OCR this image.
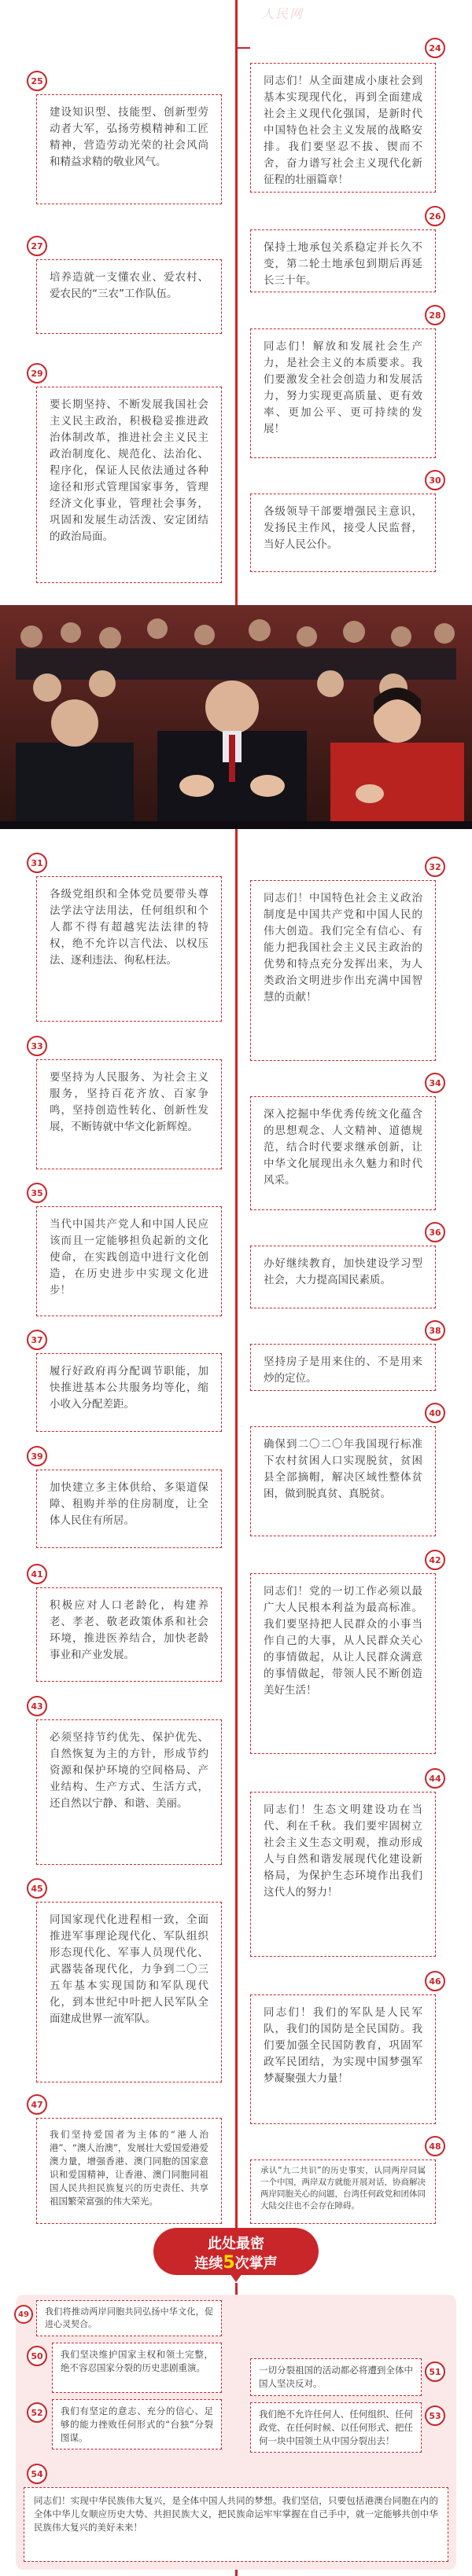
人民网
24
同志们！从全面建成小康社会到基本实现现代化，再到全面建成社会主义现代化强国，是新时代中国特色社会主义发展的战略安排。我们要坚忍不拔、锲而不舍，奋力谱写社会主义现代化新征程的壮丽篇章！
25
建设知识型、技能型、创新型劳动者大军，弘扬劳模精神和工匠精神，营造劳动光荣的社会风尚和精益求精的敬业风气。
26
保持土地承包关系稳定并长久不变，第二轮土地承包到期后再延长三十年。
27
培养造就一支懂农业、爱农村、爱农民的“三农”工作队伍。
28
同志们！解放和发展社会生产力，是社会主义的本质要求。我们要激发全社会创造力和发展活力，努力实现更高质量、更有效率、更加公平、更可持续的发展！
29
要长期坚持、不断发展我国社会主义民主政治，积极稳妥推进政治体制改革，推进社会主义民主政治制度化、规范化、法治化、程序化，保证人民依法通过各种途径和形式管理国家事务，管理经济文化事业，管理社会事务，巩固和发展生动活泼、安定团结的政治局面。
30
各级领导干部要增强民主意识，发扬民主作风，接受人民监督，当好人民公仆。
31
各级党组织和全体党员要带头尊法学法守法用法，任何组织和个人都不得有超越宪法法律的特权，绝不允许以言代法、以权压法、逐利违法、徇私枉法。
32
同志们！中国特色社会主义政治制度是中国共产党和中国人民的伟大创造。我们完全有信心、有能力把我国社会主义民主政治的优势和特点充分发挥出来，为人类政治文明进步作出充满中国智慧的贡献！
33
要坚持为人民服务、为社会主义服务，坚持百花齐放、百家争鸣，坚持创造性转化、创新性发展，不断铸就中华文化新辉煌。
34
深入挖掘中华优秀传统文化蕴含的思想观念、人文精神、道德规范，结合时代要求继承创新，让中华文化展现出永久魅力和时代风采。
35
当代中国共产党人和中国人民应该而且一定能够担负起新的文化使命，在实践创造中进行文化创造，在历史进步中实现文化进步！
36
办好继续教育，加快建设学习型社会，大力提高国民素质。
37
履行好政府再分配调节职能，加快推进基本公共服务均等化，缩小收入分配差距。
38
坚持房子是用来住的、不是用来炒的定位。
39
加快建立多主体供给、多渠道保障、租购并举的住房制度，让全体人民住有所居。
40
确保到二〇二〇年我国现行标准下农村贫困人口实现脱贫，贫困县全部摘帽，解决区域性整体贫困，做到脱真贫、真脱贫。
41
积极应对人口老龄化，构建养老、孝老、敬老政策体系和社会环境，推进医养结合，加快老龄事业和产业发展。
42
同志们！党的一切工作必须以最广大人民根本利益为最高标准。我们要坚持把人民群众的小事当作自己的大事，从人民群众关心的事情做起，从让人民群众满意的事情做起，带领人民不断创造美好生活！
43
必须坚持节约优先、保护优先、自然恢复为主的方针，形成节约资源和保护环境的空间格局、产业结构、生产方式、生活方式，还自然以宁静、和谐、美丽。
44
同志们！生态文明建设功在当代、利在千秋。我们要牢固树立社会主义生态文明观，推动形成人与自然和谐发展现代化建设新格局，为保护生态环境作出我们这代人的努力！
45
同国家现代化进程相一致，全面推进军事理论现代化、军队组织形态现代化、军事人员现代化、武器装备现代化，力争到二〇三五年基本实现国防和军队现代化，到本世纪中叶把人民军队全面建成世界一流军队。
46
同志们！我们的军队是人民军队，我们的国防是全民国防。我们要加强全民国防教育，巩固军政军民团结，为实现中国梦强军梦凝聚强大力量！
47
48
我们坚持爱国者为主体的“港人治港”、“澳人治澳”，发展壮大爱国爱港爱澳力量，增强香港、澳门同胞的国家意识和爱国精神，让香港、澳门同胞同祖国人民共担民族复兴的历史责任、共享祖国繁荣富强的伟大荣光。
承认“九二共识”的历史事实，认同两岸同属一个中国，两岸双方就能开展对话，协商解决两岸同胞关心的问题，台湾任何政党和团体同大陆交往也不会存在障碍。
此处最密
连续5次掌声
我们将推动两岸同胞共同弘扬中华文化，促进心灵契合。
49
50	我们坚决维护国家主权和领土完整，绝不容忍国家分裂的历史悲剧重演。	51
一切分裂祖国的活动都必将遭到全体中国人坚决反对。
52	我们有坚定的意志、充分的信心、足够的能力挫败任何形式的“台独”分裂图谋。
53
我们绝不允许任何人、任何组织、任何政党、在任何时候、以任何形式、把任何一块中国领土从中国分裂出去！
54
同志们！实现中华民族伟大复兴，是全体中国人共同的梦想。我们坚信，只要包括港澳台同胞在内的全体中华儿女顺应历史大势、共担民族大义，把民族命运牢牢掌握在自己手中，就一定能够共创中华民族伟大复兴的美好未来！
